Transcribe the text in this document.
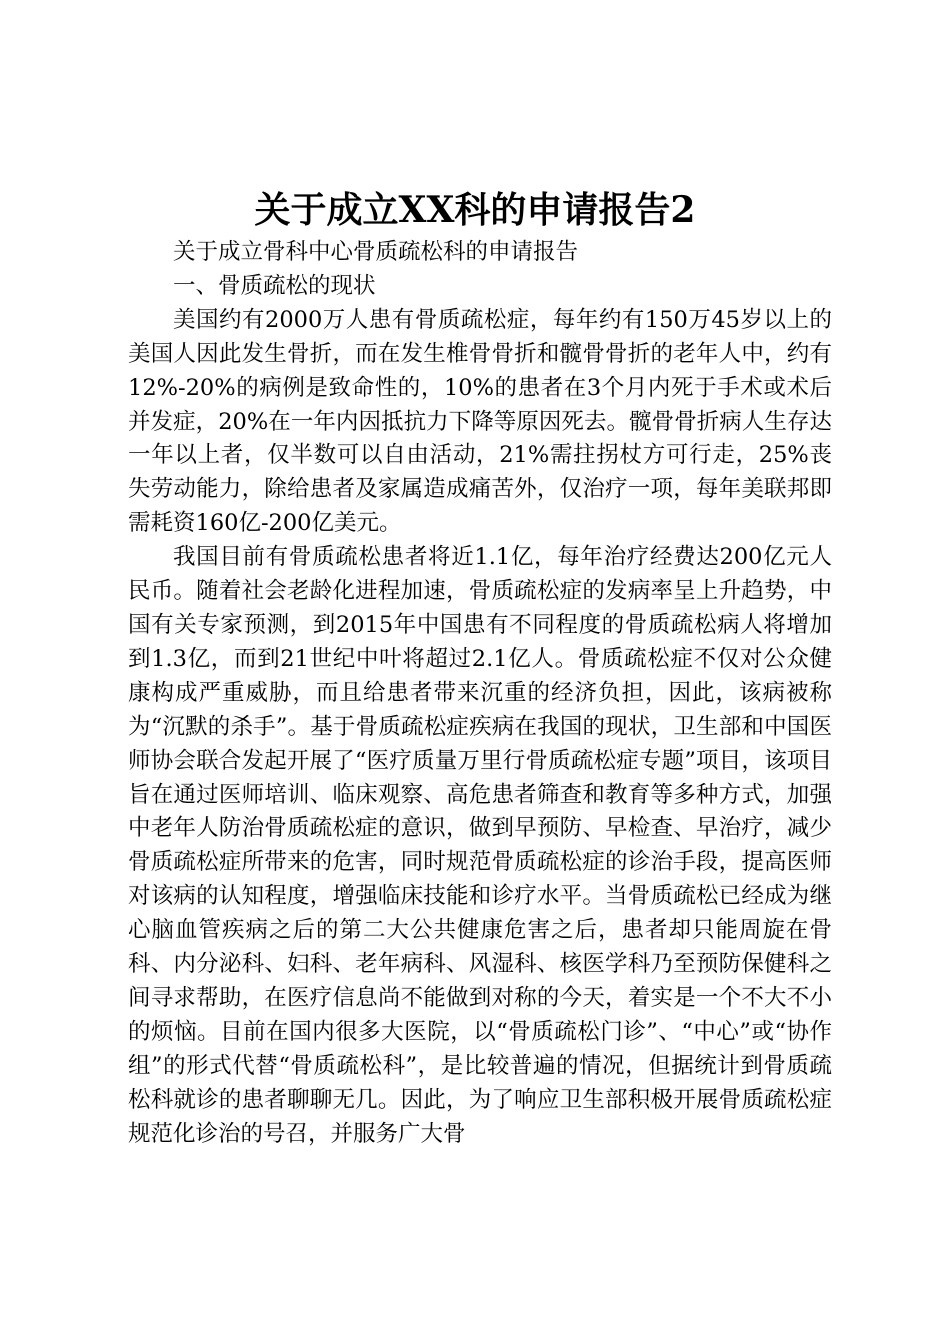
关于成立XX科的申请报告2

关于成立骨科中心骨质疏松科的申请报告

一、骨质疏松的现状

美国约有2000万人患有骨质疏松症，每年约有150万45岁以上的美国人因此发生骨折，而在发生椎骨骨折和髋骨骨折的老年人中，约有12%-20%的病例是致命性的，10%的患者在3个月内死于手术或术后并发症，20%在一年内因抵抗力下降等原因死去。髋骨骨折病人生存达一年以上者，仅半数可以自由活动，21%需拄拐杖方可行走，25%丧失劳动能力，除给患者及家属造成痛苦外，仅治疗一项，每年美联邦即需耗资160亿-200亿美元。

我国目前有骨质疏松患者将近1.1亿，每年治疗经费达200亿元人民币。随着社会老龄化进程加速，骨质疏松症的发病率呈上升趋势，中国有关专家预测，到2015年中国患有不同程度的骨质疏松病人将增加到1.3亿，而到21世纪中叶将超过2.1亿人。骨质疏松症不仅对公众健康构成严重威胁，而且给患者带来沉重的经济负担，因此，该病被称为“沉默的杀手”。基于骨质疏松症疾病在我国的现状，卫生部和中国医师协会联合发起开展了“医疗质量万里行骨质疏松症专题”项目，该项目旨在通过医师培训、临床观察、高危患者筛查和教育等多种方式，加强中老年人防治骨质疏松症的意识，做到早预防、早检查、早治疗，减少骨质疏松症所带来的危害，同时规范骨质疏松症的诊治手段，提高医师对该病的认知程度，增强临床技能和诊疗水平。当骨质疏松已经成为继心脑血管疾病之后的第二大公共健康危害之后，患者却只能周旋在骨科、内分泌科、妇科、老年病科、风湿科、核医学科乃至预防保健科之间寻求帮助，在医疗信息尚不能做到对称的今天，着实是一个不大不小的烦恼。目前在国内很多大医院，以“骨质疏松门诊”、“中心”或“协作组”的形式代替“骨质疏松科”，是比较普遍的情况，但据统计到骨质疏松科就诊的患者聊聊无几。因此，为了响应卫生部积极开展骨质疏松症规范化诊治的号召，并服务广大骨
